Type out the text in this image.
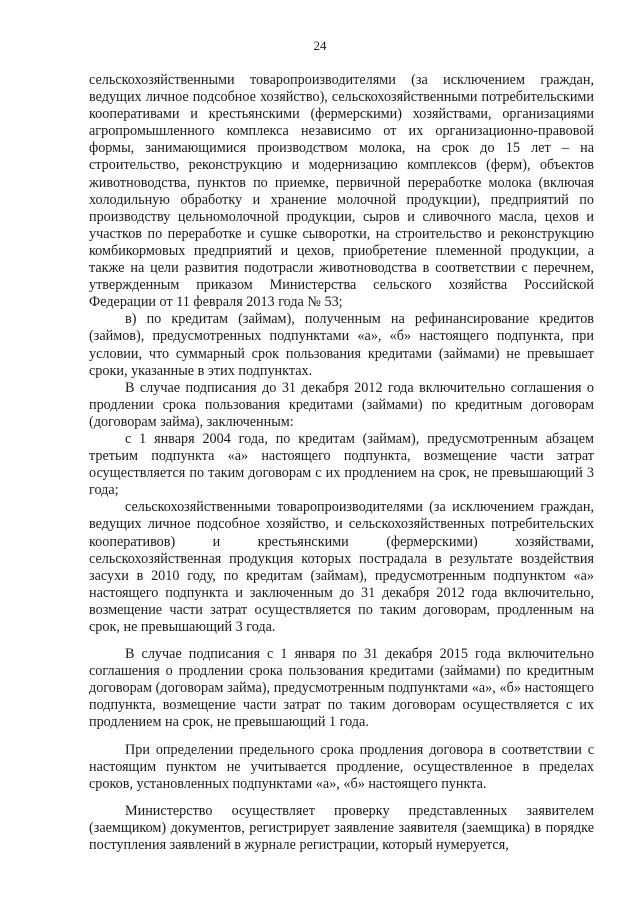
24

сельскохозяйственными товаропроизводителями (за исключением граждан, ведущих личное подсобное хозяйство), сельскохозяйственными потребительскими кооперативами и крестьянскими (фермерскими) хозяйствами, организациями агропромышленного комплекса независимо от их организационно-правовой формы, занимающимися производством молока, на срок до 15 лет – на строительство, реконструкцию и модернизацию комплексов (ферм), объектов животноводства, пунктов по приемке, первичной переработке молока (включая холодильную обработку и хранение молочной продукции), предприятий по производству цельномолочной продукции, сыров и сливочного масла, цехов и участков по переработке и сушке сыворотки, на строительство и реконструкцию комбикормовых предприятий и цехов, приобретение племенной продукции, а также на цели развития подотрасли животноводства в соответствии с перечнем, утвержденным приказом Министерства сельского хозяйства Российской Федерации от 11 февраля 2013 года № 53;

в) по кредитам (займам), полученным на рефинансирование кредитов (займов), предусмотренных подпунктами «а», «б» настоящего подпункта, при условии, что суммарный срок пользования кредитами (займами) не превышает сроки, указанные в этих подпунктах.

В случае подписания до 31 декабря 2012 года включительно соглашения о продлении срока пользования кредитами (займами) по кредитным договорам (договорам займа), заключенным:

с 1 января 2004 года, по кредитам (займам), предусмотренным абзацем третьим подпункта «а» настоящего подпункта, возмещение части затрат осуществляется по таким договорам с их продлением на срок, не превышающий 3 года;

сельскохозяйственными товаропроизводителями (за исключением граждан, ведущих личное подсобное хозяйство, и сельскохозяйственных потребительских кооперативов) и крестьянскими (фермерскими) хозяйствами, сельскохозяйственная продукция которых пострадала в результате воздействия засухи в 2010 году, по кредитам (займам), предусмотренным подпунктом «а» настоящего подпункта и заключенным до 31 декабря 2012 года включительно, возмещение части затрат осуществляется по таким договорам, продленным на срок, не превышающий 3 года.

В случае подписания с 1 января по 31 декабря 2015 года включительно соглашения о продлении срока пользования кредитами (займами) по кредитным договорам (договорам займа), предусмотренным подпунктами «а», «б» настоящего подпункта, возмещение части затрат по таким договорам осуществляется с их продлением на срок, не превышающий 1 года.

При определении предельного срока продления договора в соответствии с настоящим пунктом не учитывается продление, осуществленное в пределах сроков, установленных подпунктами «а», «б» настоящего пункта.

Министерство осуществляет проверку представленных заявителем (заемщиком) документов, регистрирует заявление заявителя (заемщика) в порядке поступления заявлений в журнале регистрации, который нумеруется,
